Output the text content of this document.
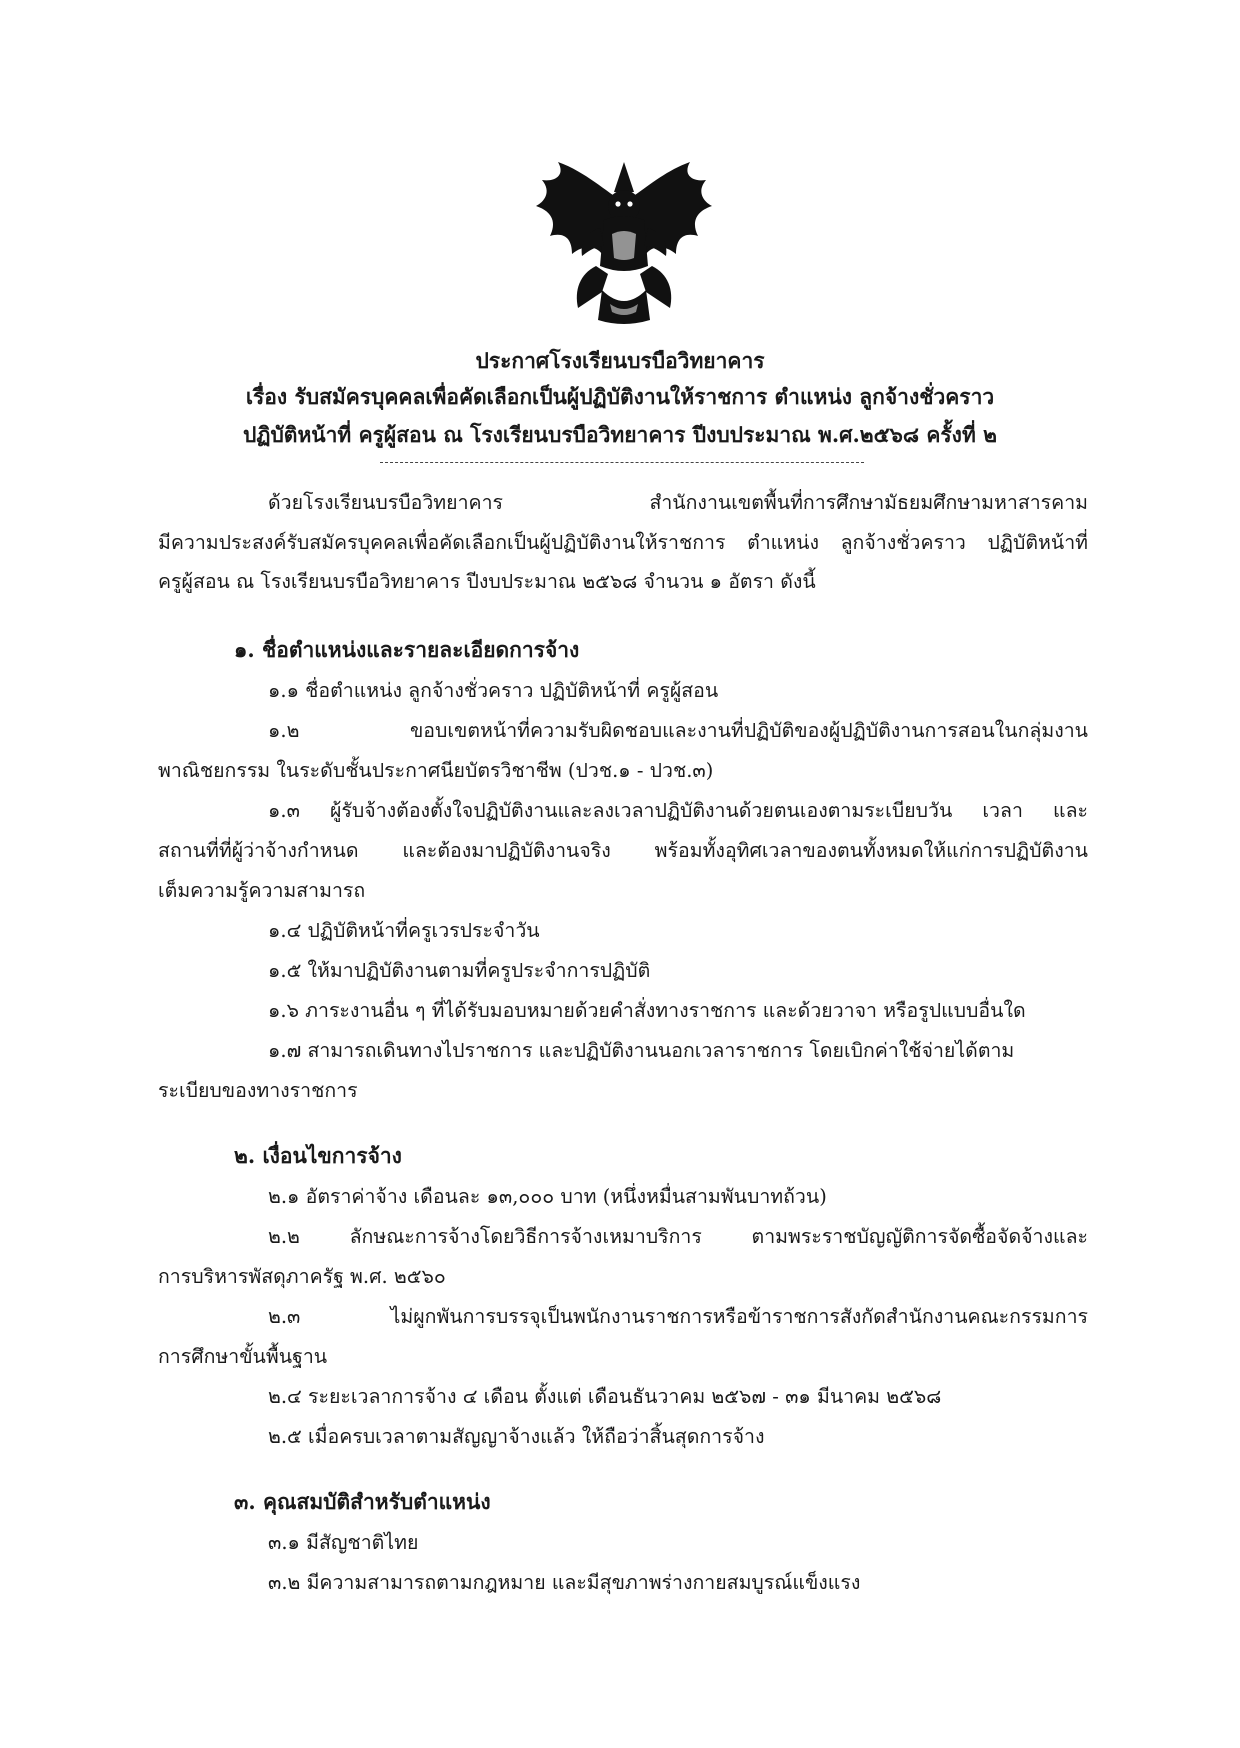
ประกาศโรงเรียนบรบือวิทยาคาร
เรื่อง รับสมัครบุคคลเพื่อคัดเลือกเป็นผู้ปฏิบัติงานให้ราชการ ตำแหน่ง ลูกจ้างชั่วคราว
ปฏิบัติหน้าที่ ครูผู้สอน ณ โรงเรียนบรบือวิทยาคาร ปีงบประมาณ พ.ศ.๒๕๖๘ ครั้งที่ ๒
ด้วยโรงเรียนบรบือวิทยาคาร สำนักงานเขตพื้นที่การศึกษามัธยมศึกษามหาสารคาม
มีความประสงค์รับสมัครบุคคลเพื่อคัดเลือกเป็นผู้ปฏิบัติงานให้ราชการ ตำแหน่ง ลูกจ้างชั่วคราว ปฏิบัติหน้าที่
ครูผู้สอน ณ โรงเรียนบรบือวิทยาคาร ปีงบประมาณ ๒๕๖๘ จำนวน ๑ อัตรา ดังนี้
๑. ชื่อตำแหน่งและรายละเอียดการจ้าง
๑.๑ ชื่อตำแหน่ง ลูกจ้างชั่วคราว ปฏิบัติหน้าที่ ครูผู้สอน
๑.๒ ขอบเขตหน้าที่ความรับผิดชอบและงานที่ปฏิบัติของผู้ปฏิบัติงานการสอนในกลุ่มงาน
พาณิชยกรรม ในระดับชั้นประกาศนียบัตรวิชาชีพ (ปวช.๑ - ปวช.๓)
๑.๓ ผู้รับจ้างต้องตั้งใจปฏิบัติงานและลงเวลาปฏิบัติงานด้วยตนเองตามระเบียบวัน เวลา และ
สถานที่ที่ผู้ว่าจ้างกำหนด และต้องมาปฏิบัติงานจริง พร้อมทั้งอุทิศเวลาของตนทั้งหมดให้แก่การปฏิบัติงาน
เต็มความรู้ความสามารถ
๑.๔ ปฏิบัติหน้าที่ครูเวรประจำวัน
๑.๕ ให้มาปฏิบัติงานตามที่ครูประจำการปฏิบัติ
๑.๖ ภาระงานอื่น ๆ ที่ได้รับมอบหมายด้วยคำสั่งทางราชการ และด้วยวาจา หรือรูปแบบอื่นใด
๑.๗ สามารถเดินทางไปราชการ และปฏิบัติงานนอกเวลาราชการ โดยเบิกค่าใช้จ่ายได้ตาม
ระเบียบของทางราชการ
๒. เงื่อนไขการจ้าง
๒.๑ อัตราค่าจ้าง เดือนละ ๑๓,๐๐๐ บาท (หนึ่งหมื่นสามพันบาทถ้วน)
๒.๒ ลักษณะการจ้างโดยวิธีการจ้างเหมาบริการ ตามพระราชบัญญัติการจัดซื้อจัดจ้างและ
การบริหารพัสดุภาครัฐ พ.ศ. ๒๕๖๐
๒.๓ ไม่ผูกพันการบรรจุเป็นพนักงานราชการหรือข้าราชการสังกัดสำนักงานคณะกรรมการ
การศึกษาขั้นพื้นฐาน
๒.๔ ระยะเวลาการจ้าง ๔ เดือน ตั้งแต่ เดือนธันวาคม ๒๕๖๗ - ๓๑ มีนาคม ๒๕๖๘
๒.๕ เมื่อครบเวลาตามสัญญาจ้างแล้ว ให้ถือว่าสิ้นสุดการจ้าง
๓. คุณสมบัติสำหรับตำแหน่ง
๓.๑ มีสัญชาติไทย
๓.๒ มีความสามารถตามกฎหมาย และมีสุขภาพร่างกายสมบูรณ์แข็งแรง
